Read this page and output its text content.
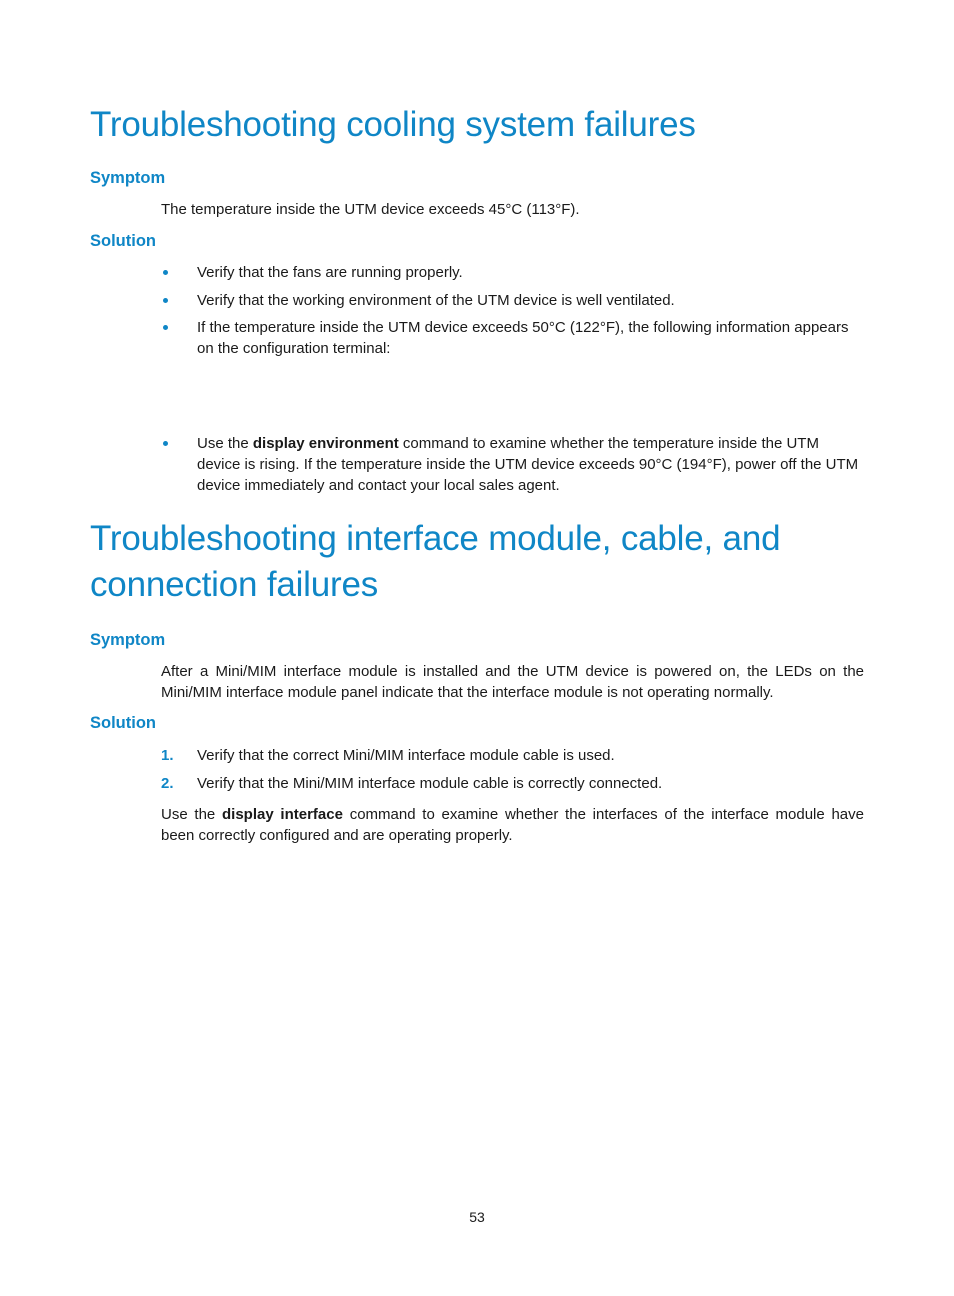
Troubleshooting cooling system failures
Symptom

The temperature inside the UTM device exceeds 45°C (113°F).

Solution
Verify that the fans are running properly.
Verify that the working environment of the UTM device is well ventilated.
If the temperature inside the UTM device exceeds 50°C (122°F), the following information appears on the configuration terminal:
Use the display environment command to examine whether the temperature inside the UTM device is rising. If the temperature inside the UTM device exceeds 90°C (194°F), power off the UTM device immediately and contact your local sales agent.
Troubleshooting interface module, cable, and
connection failures
Symptom

After a Mini/MIM interface module is installed and the UTM device is powered on, the LEDs on the Mini/MIM interface module panel indicate that the interface module is not operating normally.

Solution
1. Verify that the correct Mini/MIM interface module cable is used.
2. Verify that the Mini/MIM interface module cable is correctly connected.

Use the display interface command to examine whether the interfaces of the interface module have been correctly configured and are operating properly.

53
